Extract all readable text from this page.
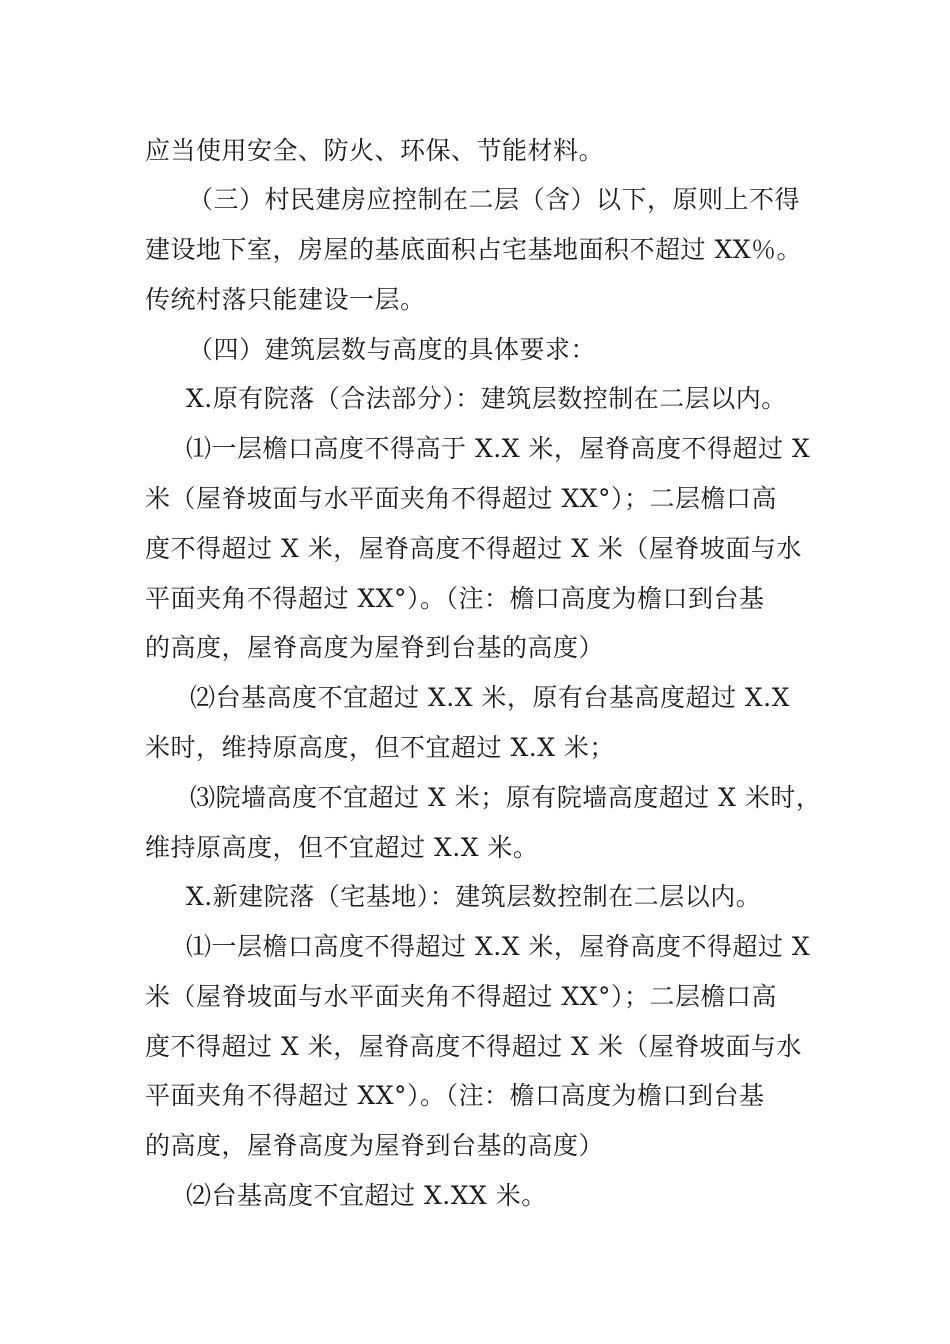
应当使用安全、防火、环保、节能材料。
（三）村民建房应控制在二层（含）以下，原则上不得
建设地下室，房屋的基底面积占宅基地面积不超过 XX％。
传统村落只能建设一层。
（四）建筑层数与高度的具体要求：
X.原有院落（合法部分）：建筑层数控制在二层以内。
⑴一层檐口高度不得高于 X.X 米，屋脊高度不得超过 X
米（屋脊坡面与水平面夹角不得超过 XX°）；二层檐口高
度不得超过 X 米，屋脊高度不得超过 X 米（屋脊坡面与水
平面夹角不得超过 XX°）。（注：檐口高度为檐口到台基
的高度，屋脊高度为屋脊到台基的高度）
⑵台基高度不宜超过 X.X 米，原有台基高度超过 X.X
米时，维持原高度，但不宜超过 X.X 米；
⑶院墙高度不宜超过 X 米；原有院墙高度超过 X 米时，
维持原高度，但不宜超过 X.X 米。
X.新建院落（宅基地）：建筑层数控制在二层以内。
⑴一层檐口高度不得超过 X.X 米，屋脊高度不得超过 X
米（屋脊坡面与水平面夹角不得超过 XX°）；二层檐口高
度不得超过 X 米，屋脊高度不得超过 X 米（屋脊坡面与水
平面夹角不得超过 XX°）。（注：檐口高度为檐口到台基
的高度，屋脊高度为屋脊到台基的高度）
⑵台基高度不宜超过 X.XX 米。
